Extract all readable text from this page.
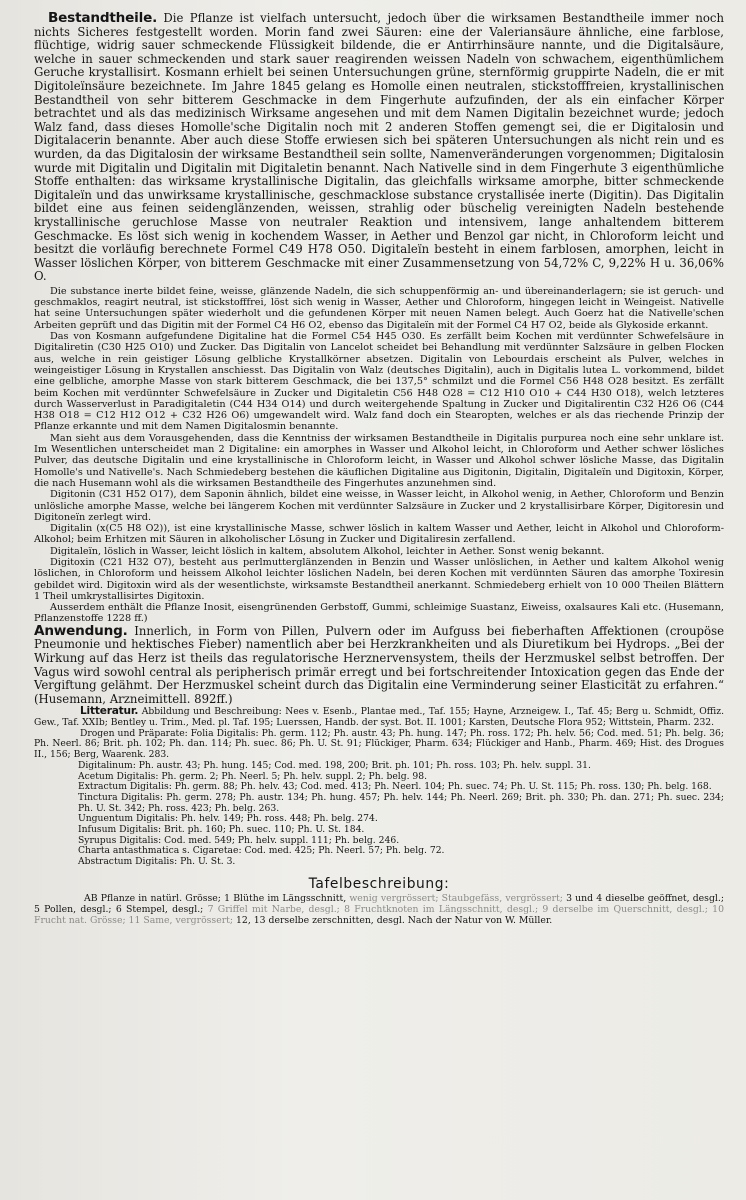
Bestandtheile. Die Pflanze ist vielfach untersucht, jedoch über die wirksamen Bestandtheile immer noch nichts Sicheres festgestellt worden. Morin fand zwei Säuren: eine der Valeriansäure ähnliche, eine farblose, flüchtige, widrig sauer schmeckende Flüssigkeit bildende, die er Antirrhinsäure nannte, und die Digitalsäure, welche in sauer schmeckenden und stark sauer reagirenden weissen Nadeln von schwachem, eigenthümlichem Geruche krystallisirt. Kosmann erhielt bei seinen Untersuchungen grüne, sternförmig gruppirte Nadeln, die er mit Digitoleïnsäure bezeichnete. Im Jahre 1845 gelang es Homolle einen neutralen, stickstofffreien, krystallinischen Bestandtheil von sehr bitterem Geschmacke in dem Fingerhute aufzufinden, der als ein einfacher Körper betrachtet und als das medizinisch Wirksame angesehen und mit dem Namen Digitalin bezeichnet wurde; jedoch Walz fand, dass dieses Homolle'sche Digitalin noch mit 2 anderen Stoffen gemengt sei, die er Digitalosin und Digitalacerin benannte. Aber auch diese Stoffe erwiesen sich bei späteren Untersuchungen als nicht rein und es wurden, da das Digitalosin der wirksame Bestandtheil sein sollte, Namenveränderungen vorgenommen; Digitalosin wurde mit Digitalin und Digitalin mit Digitaletin benannt. Nach Nativelle sind in dem Fingerhute 3 eigenthümliche Stoffe enthalten: das wirksame krystallinische Digitalin, das gleichfalls wirksame amorphe, bitter schmeckende Digitaleïn und das unwirksame krystallinische, geschmacklose substance crystallisée inerte (Digitin). Das Digitalin bildet eine aus feinen seidenglänzenden, weissen, strahlig oder büschelig vereinigten Nadeln bestehende krystallinische geruchlose Masse von neutraler Reaktion und intensivem, lange anhaltendem bitterem Geschmacke. Es löst sich wenig in kochendem Wasser, in Aether und Benzol gar nicht, in Chloroform leicht und besitzt die vorläufig berechnete Formel C49 H78 O50. Digitaleïn besteht in einem farblosen, amorphen, leicht in Wasser löslichen Körper, von bitterem Geschmacke mit einer Zusammensetzung von 54,72% C, 9,22% H u. 36,06% O.

Die substance inerte bildet feine, weisse, glänzende Nadeln, die sich schuppenförmig an- und übereinanderlagern; sie ist geruch- und geschmaklos, reagirt neutral, ist stickstofffrei, löst sich wenig in Wasser, Aether und Chloroform, hingegen leicht in Weingeist. Nativelle hat seine Untersuchungen später wiederholt und die gefundenen Körper mit neuen Namen belegt. Auch Goerz hat die Nativelle'schen Arbeiten geprüft und das Digitin mit der Formel C4 H6 O2, ebenso das Digitaleïn mit der Formel C4 H7 O2, beide als Glykoside erkannt.

Das von Kosmann aufgefundene Digitaline hat die Formel C54 H45 O30. Es zerfällt beim Kochen mit verdünnter Schwefelsäure in Digitaliretin (C30 H25 O10) und Zucker. Das Digitalin von Lancelot scheidet bei Behandlung mit verdünnter Salzsäure in gelben Flocken aus, welche in rein geistiger Lösung gelbliche Krystallkörner absetzen. Digitalin von Lebourdais erscheint als Pulver, welches in weingeistiger Lösung in Krystallen anschiesst. Das Digitalin von Walz (deutsches Digitalin), auch in Digitalis lutea L. vorkommend, bildet eine gelbliche, amorphe Masse von stark bitterem Geschmack, die bei 137,5° schmilzt und die Formel C56 H48 O28 besitzt. Es zerfällt beim Kochen mit verdünnter Schwefelsäure in Zucker und Digitaletin C56 H48 O28 = C12 H10 O10 + C44 H30 O18), welch letzteres durch Wasserverlust in Paradigitaletin (C44 H34 O14) und durch weitergehende Spaltung in Zucker und Digitalirentin C32 H26 O6 (C44 H38 O18 = C12 H12 O12 + C32 H26 O6) umgewandelt wird. Walz fand doch ein Stearopten, welches er als das riechende Prinzip der Pflanze erkannte und mit dem Namen Digitalosmin benannte.

Man sieht aus dem Vorausgehenden, dass die Kenntniss der wirksamen Bestandtheile in Digitalis purpurea noch eine sehr unklare ist. Im Wesentlichen unterscheidet man 2 Digitaline: ein amorphes in Wasser und Alkohol leicht, in Chloroform und Aether schwer lösliches Pulver, das deutsche Digitalin und eine krystallinische in Chloroform leicht, in Wasser und Alkohol schwer lösliche Masse, das Digitalin Homolle's und Nativelle's. Nach Schmiedeberg bestehen die käuflichen Digitaline aus Digitonin, Digitalin, Digitaleïn und Digitoxin, Körper, die nach Husemann wohl als die wirksamen Bestandtheile des Fingerhutes anzunehmen sind.

Digitonin (C31 H52 O17), dem Saponin ähnlich, bildet eine weisse, in Wasser leicht, in Alkohol wenig, in Aether, Chloroform und Benzin unlösliche amorphe Masse, welche bei längerem Kochen mit verdünnter Salzsäure in Zucker und 2 krystallisirbare Körper, Digitoresin und Digitoneïn zerlegt wird.

Digitalin (x(C5 H8 O2)), ist eine krystallinische Masse, schwer löslich in kaltem Wasser und Aether, leicht in Alkohol und Chloroform-Alkohol; beim Erhitzen mit Säuren in alkoholischer Lösung in Zucker und Digitaliresin zerfallend.

Digitaleïn, löslich in Wasser, leicht löslich in kaltem, absolutem Alkohol, leichter in Aether. Sonst wenig bekannt.

Digitoxin (C21 H32 O7), besteht aus perlmutterglänzenden in Benzin und Wasser unlöslichen, in Aether und kaltem Alkohol wenig löslichen, in Chloroform und heissem Alkohol leichter löslichen Nadeln, bei deren Kochen mit verdünnten Säuren das amorphe Toxiresin gebildet wird. Digitoxin wird als der wesentlichste, wirksamste Bestandtheil anerkannt. Schmiedeberg erhielt von 10 000 Theilen Blättern 1 Theil umkrystallisirtes Digitoxin.

Ausserdem enthält die Pflanze Inosit, eisengrünenden Gerbstoff, Gummi, schleimige Suastanz, Eiweiss, oxalsaures Kali etc. (Husemann, Pflanzenstoffe 1228 ff.)

Anwendung. Innerlich, in Form von Pillen, Pulvern oder im Aufguss bei fieberhaften Affektionen (croupöse Pneumonie und hektisches Fieber) namentlich aber bei Herzkrankheiten und als Diuretikum bei Hydrops. „Bei der Wirkung auf das Herz ist theils das regulatorische Herznervensystem, theils der Herzmuskel selbst betroffen. Der Vagus wird sowohl central als peripherisch primär erregt und bei fortschreitender Intoxication gegen das Ende der Vergiftung gelähmt. Der Herzmuskel scheint durch das Digitalin eine Verminderung seiner Elasticität zu erfahren.“ (Husemann, Arzneimittell. 892ff.)

Litteratur. Abbildung und Beschreibung: Nees v. Esenb., Plantae med., Taf. 155; Hayne, Arzneigew. I., Taf. 45; Berg u. Schmidt, Offiz. Gew., Taf. XXIb; Bentley u. Trim., Med. pl. Taf. 195; Luerssen, Handb. der syst. Bot. II. 1001; Karsten, Deutsche Flora 952; Wittstein, Pharm. 232.

Drogen und Präparate: Folia Digitalis: Ph. germ. 112; Ph. austr. 43; Ph. hung. 147; Ph. ross. 172; Ph. helv. 56; Cod. med. 51; Ph. belg. 36; Ph. Neerl. 86; Brit. ph. 102; Ph. dan. 114; Ph. suec. 86; Ph. U. St. 91; Flückiger, Pharm. 634; Flückiger and Hanb., Pharm. 469; Hist. des Drogues II., 156; Berg, Waarenk. 283.
Digitalinum: Ph. austr. 43; Ph. hung. 145; Cod. med. 198, 200; Brit. ph. 101; Ph. ross. 103; Ph. helv. suppl. 31.
Acetum Digitalis: Ph. germ. 2; Ph. Neerl. 5; Ph. helv. suppl. 2; Ph. belg. 98.
Extractum Digitalis: Ph. germ. 88; Ph. helv. 43; Cod. med. 413; Ph. Neerl. 104; Ph. suec. 74; Ph. U. St. 115; Ph. ross. 130; Ph. belg. 168.
Tinctura Digitalis: Ph. germ. 278; Ph. austr. 134; Ph. hung. 457; Ph. helv. 144; Ph. Neerl. 269; Brit. ph. 330; Ph. dan. 271; Ph. suec. 234; Ph. U. St. 342; Ph. ross. 423; Ph. belg. 263.
Unguentum Digitalis: Ph. helv. 149; Ph. ross. 448; Ph. belg. 274.
Infusum Digitalis: Brit. ph. 160; Ph. suec. 110; Ph. U. St. 184.
Syrupus Digitalis: Cod. med. 549; Ph. helv. suppl. 111; Ph. belg. 246.
Charta antasthmatica s. Cigaretae: Cod. med. 425; Ph. Neerl. 57; Ph. belg. 72.
Abstractum Digitalis: Ph. U. St. 3.
Tafelbeschreibung:

AB Pflanze in natürl. Grösse; 1 Blüthe im Längsschnitt, wenig vergrössert; Staubgefäss, vergrössert; 3 und 4 dieselbe geöffnet, desgl.; 5 Pollen, desgl.; 6 Stempel, desgl.; 7 Griffel mit Narbe, desgl.; 8 Fruchtknoten im Längsschnitt, desgl.; 9 derselbe im Querschnitt, desgl.; 10 Frucht nat. Grösse; 11 Same, vergrössert; 12, 13 derselbe zerschnitten, desgl. Nach der Natur von W. Müller.
